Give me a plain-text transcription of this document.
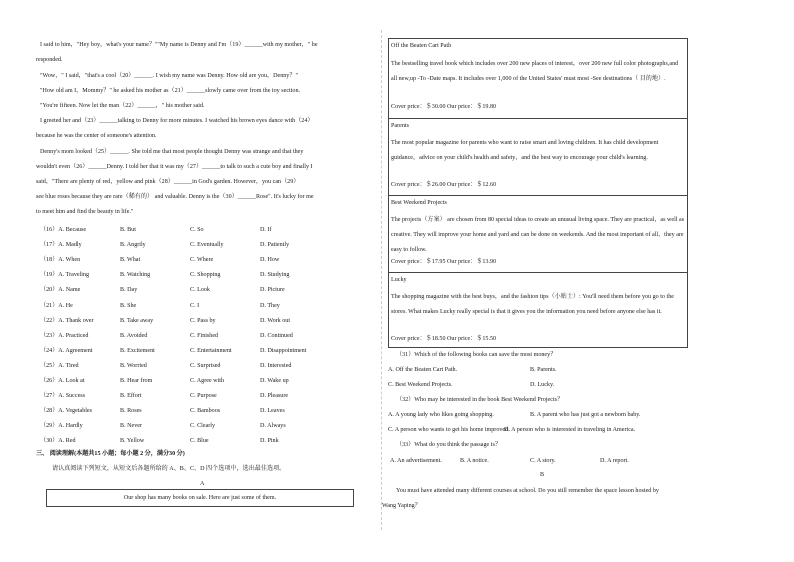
I said to him，"Hey boy，what's your name？""My name is Denny and I'm（19）______with my mother，" he
responded.
"Wow，" I said，"that's a cool（20）______. I wish my name was Denny. How old are you，Denny？"
"How old am I，Mommy？" he asked his mother as（21）______slowly came over from the toy section.
"You're fifteen. Now let the man（22）______，" his mother said.
I greeted her and（23）______talking to Denny for more minutes. I watched his brown eyes dance with（24）
because he was the center of someone's attention.
Denny's mom looked（25）______. She told me that most people thought Denny was strange and that they
wouldn't even（26）______Denny. I told her that it was my（27）______to talk to such a cute boy and finally I
said，"There are plenty of red，yellow and pink（28）______in God's garden. However，you can（29）
see blue roses because they are rare（稀有的） and valuable. Denny is the（30）______Rose". It's lucky for me
to meet him and find the beauty in life."
（16）A. Because	B. But	C. So	D. If
（17）A. Madly	B. Angrily	C. Eventually	D. Patiently
（18）A. When	B. What	C. Where	D. How
（19）A. Traveling	B. Watching	C. Shopping	D. Studying
（20）A. Name	B. Day	C. Look	D. Picture
（21）A. He	B. She	C. I	D. They
（22）A. Thank over	B. Take away	C. Pass by	D. Work out
（23）A. Practiced	B. Avoided	C. Finished	D. Continued
（24）A. Agreement	B. Excitement	C. Entertainment	D. Disappointment
（25）A. Tired	B. Worried	C. Surprised	D. Interested
（26）A. Look at	B. Hear from	C. Agree with	D. Wake up
（27）A. Success	B. Effort	C. Purpose	D. Pleasure
（28）A. Vegetables	B. Roses	C. Bamboos	D. Leaves
（29）A. Hardly	B. Never	C. Clearly	D. Always
（30）A. Red	B. Yellow	C. Blue	D. Pink
三、 阅读理解(本题共15 小题；每小题 2 分，满分30 分)
请认真阅读下列短文，从短文后各题所给的 A、B、C、D 四个选项中，选出最佳选项。
A
Our shop has many books on sale. Here are just some of them.
Off the Beaten Cart Path
The bestselling travel book which includes over 200 new places of interest，over 200 new full color photographs,and all new,up -To -Date maps. It includes over 1,000 of the United States' must most -See destinations（ 目的地）.
Cover price：＄30.00 Our price：＄19.80
Parents
The most popular magazine for parents who want to raise smart and loving children. It has child development guidance，advice on your child's health and safety，and the best way to encourage your child's learning.
Cover price：＄26.00 Our price：＄12.60
Best Weekend Projects
The projects（方案） are chosen from 80 special ideas to create an unusual living space. They are practical，as well as creative. They will improve your home and yard and can be done on weekends. And the most important of all，they are easy to follow.
Cover price：＄17.95 Our price：＄13.90
Lucky
The shopping magazine with the best buys，and the fashion tips（小贴士）: You'll need them before you go to the stores. What makes Lucky really special is that it gives you the information you need before anyone else has it.
Cover price：＄18.50 Our price：＄15.50
（31）Which of the following books can save the most money？
A. Off the Beaten Cart Path.	B. Parents.
C. Best Weekend Projects.	D. Lucky.
（32）Who may be interested in the book Best Weekend Projects？
A. A young lady who likes going shopping.	B. A parent who has just got a newborn baby.
C. A person who wants to get his home improved.
D. A person who is interested in traveling in America.
（33）What do you think the passage is？
A. An advertisement.	B. A notice.	C. A story.	D. A report.
B
You must have attended many different courses at school. Do you still remember the space lesson hosted by
Wang Yaping？
